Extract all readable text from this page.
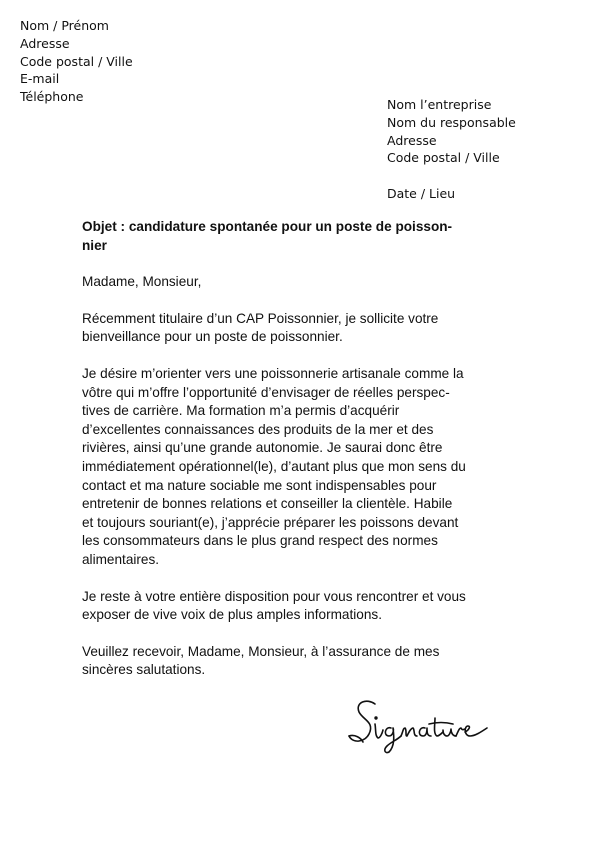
Nom / Prénom
Adresse
Code postal / Ville
E-mail
Téléphone
Nom l’entreprise
Nom du responsable
Adresse
Code postal / Ville
Date / Lieu

Objet : candidature spontanée pour un poste de poisson-
nier

Madame, Monsieur,

Récemment titulaire d’un CAP Poissonnier, je sollicite votre
bienveillance pour un poste de poissonnier.

Je désire m’orienter vers une poissonnerie artisanale comme la
vôtre qui m’offre l’opportunité d’envisager de réelles perspec-
tives de carrière. Ma formation m’a permis d’acquérir
d’excellentes connaissances des produits de la mer et des
rivières, ainsi qu’une grande autonomie. Je saurai donc être
immédiatement opérationnel(le), d’autant plus que mon sens du
contact et ma nature sociable me sont indispensables pour
entretenir de bonnes relations et conseiller la clientèle. Habile
et toujours souriant(e), j’apprécie préparer les poissons devant
les consommateurs dans le plus grand respect des normes
alimentaires.

Je reste à votre entière disposition pour vous rencontrer et vous
exposer de vive voix de plus amples informations.

Veuillez recevoir, Madame, Monsieur, à l’assurance de mes
sincères salutations.
